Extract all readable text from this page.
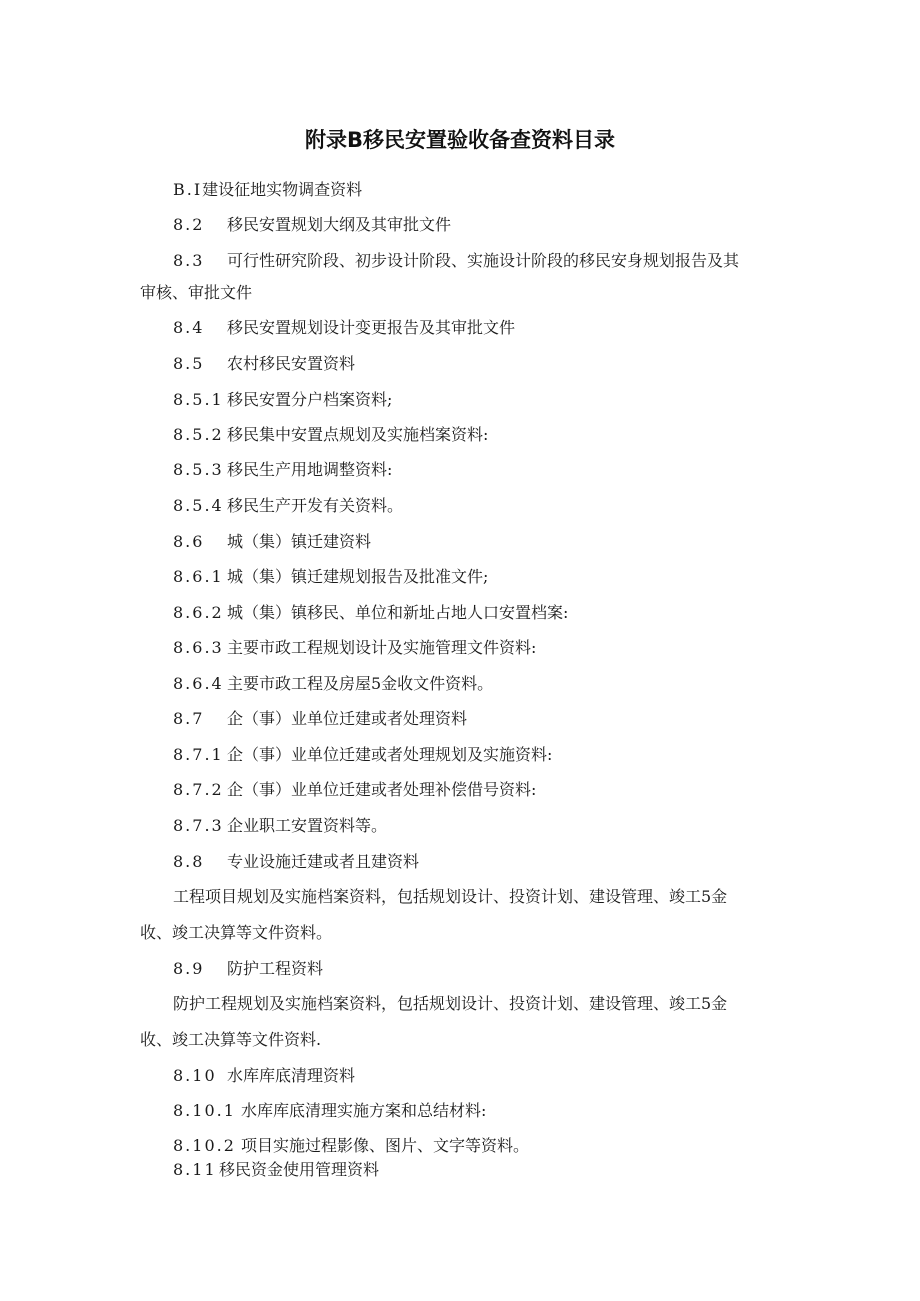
附录B移民安置验收备查资料目录
B.Ⅰ建设征地实物调查资料
8.2 移民安置规划大纲及其审批文件
8.3 可行性研究阶段、初步设计阶段、实施设计阶段的移民安身规划报告及其
审核、审批文件
8.4 移民安置规划设计变更报告及其审批文件
8.5 农村移民安置资料
8.5.1 移民安置分户档案资料;
8.5.2 移民集中安置点规划及实施档案资料:
8.5.3 移民生产用地调整资料:
8.5.4 移民生产开发有关资料。
8.6 城（集）镇迁建资料
8.6.1 城（集）镇迁建规划报告及批准文件;
8.6.2 城（集）镇移民、单位和新址占地人口安置档案:
8.6.3 主要市政工程规划设计及实施管理文件资料:
8.6.4 主要市政工程及房屋5金收文件资料。
8.7 企（事）业单位迁建或者处理资料
8.7.1 企（事）业单位迁建或者处理规划及实施资料:
8.7.2 企（事）业单位迁建或者处理补偿借号资料:
8.7.3 企业职工安置资料等。
8.8 专业设施迁建或者且建资料
工程项目规划及实施档案资料，包括规划设计、投资计划、建设管理、竣工5金
收、竣工决算等文件资料。
8.9 防护工程资料
防护工程规划及实施档案资料，包括规划设计、投资计划、建设管理、竣工5金
收、竣工决算等文件资料.
8.10 水库库底清理资料
8.10.1 水库库底清理实施方案和总结材料:
8.10.2 项目实施过程影像、图片、文字等资料。
8.11 移民资金使用管理资料
